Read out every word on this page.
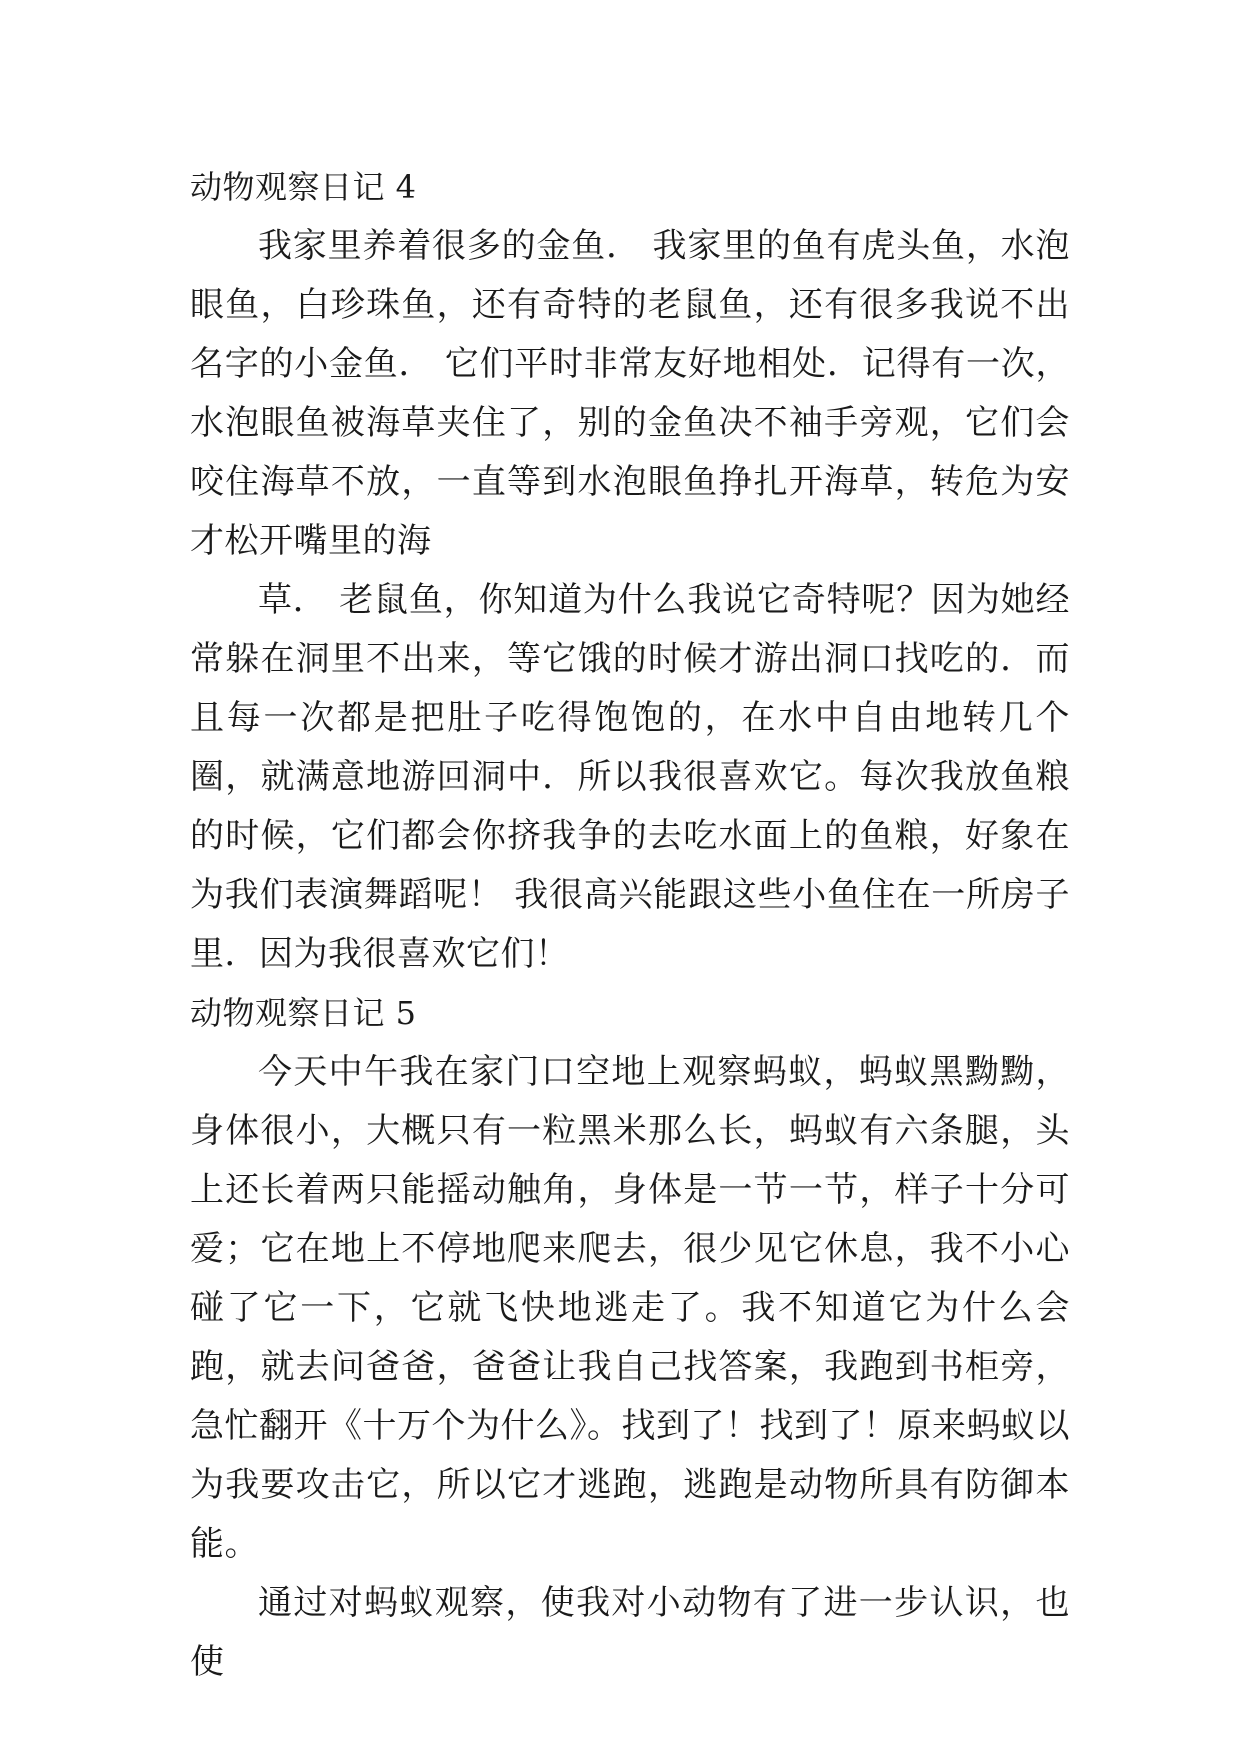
动物观察日记 4

我家里养着很多的金鱼． 我家里的鱼有虎头鱼，水泡眼鱼，白珍珠鱼，还有奇特的老鼠鱼，还有很多我说不出名字的小金鱼． 它们平时非常友好地相处．记得有一次，水泡眼鱼被海草夹住了，别的金鱼决不袖手旁观，它们会咬住海草不放，一直等到水泡眼鱼挣扎开海草，转危为安才松开嘴里的海

草． 老鼠鱼，你知道为什么我说它奇特呢？因为她经常躲在洞里不出来，等它饿的时候才游出洞口找吃的．而且每一次都是把肚子吃得饱饱的，在水中自由地转几个圈，就满意地游回洞中．所以我很喜欢它。每次我放鱼粮的时候，它们都会你挤我争的去吃水面上的鱼粮，好象在为我们表演舞蹈呢！ 我很高兴能跟这些小鱼住在一所房子里．因为我很喜欢它们！

动物观察日记 5

今天中午我在家门口空地上观察蚂蚁，蚂蚁黑黝黝，身体很小，大概只有一粒黑米那么长，蚂蚁有六条腿，头上还长着两只能摇动触角，身体是一节一节，样子十分可爱；它在地上不停地爬来爬去，很少见它休息，我不小心碰了它一下，它就飞快地逃走了。我不知道它为什么会跑，就去问爸爸，爸爸让我自己找答案，我跑到书柜旁，急忙翻开《十万个为什么》。找到了！找到了！原来蚂蚁以为我要攻击它，所以它才逃跑，逃跑是动物所具有防御本能。

通过对蚂蚁观察，使我对小动物有了进一步认识，也使
